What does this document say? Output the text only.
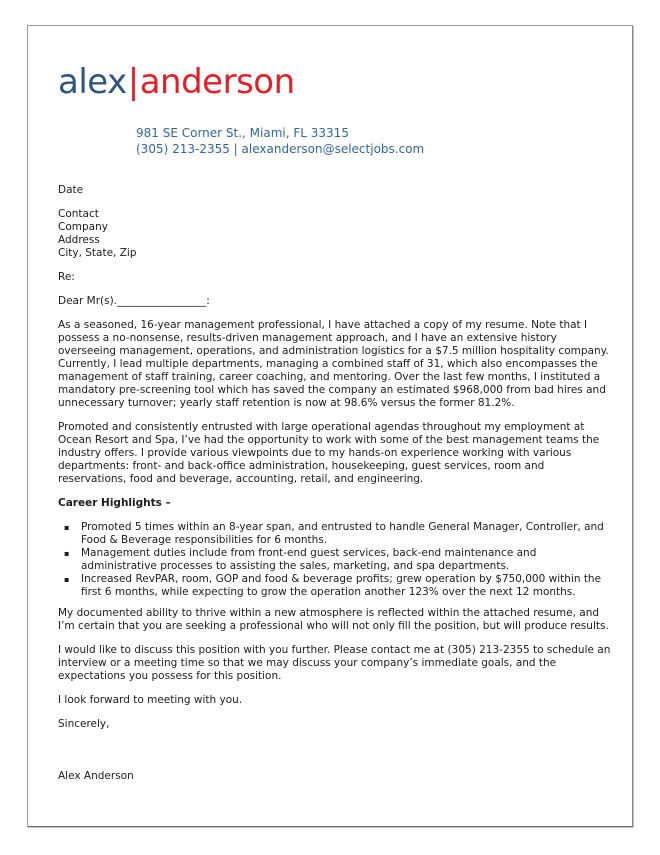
alex|anderson
981 SE Corner St., Miami, FL 33315
(305) 213-2355 | alexanderson@selectjobs.com
Date
Contact
Company
Address
City, State, Zip
Re:
Dear Mr(s)._________________:

As a seasoned, 16-year management professional, I have attached a copy of my resume. Note that I possess a no-nonsense, results-driven management approach, and I have an extensive history overseeing management, operations, and administration logistics for a $7.5 million hospitality company. Currently, I lead multiple departments, managing a combined staff of 31, which also encompasses the management of staff training, career coaching, and mentoring. Over the last few months, I instituted a mandatory pre-screening tool which has saved the company an estimated $968,000 from bad hires and unnecessary turnover; yearly staff retention is now at 98.6% versus the former 81.2%.

Promoted and consistently entrusted with large operational agendas throughout my employment at Ocean Resort and Spa, I’ve had the opportunity to work with some of the best management teams the industry offers. I provide various viewpoints due to my hands-on experience working with various departments: front- and back-office administration, housekeeping, guest services, room and reservations, food and beverage, accounting, retail, and engineering.

Career Highlights –
▪ Promoted 5 times within an 8-year span, and entrusted to handle General Manager, Controller, and Food & Beverage responsibilities for 6 months.
▪ Management duties include from front-end guest services, back-end maintenance and administrative processes to assisting the sales, marketing, and spa departments.
▪ Increased RevPAR, room, GOP and food & beverage profits; grew operation by $750,000 within the first 6 months, while expecting to grow the operation another 123% over the next 12 months.

My documented ability to thrive within a new atmosphere is reflected within the attached resume, and I’m certain that you are seeking a professional who will not only fill the position, but will produce results.

I would like to discuss this position with you further. Please contact me at (305) 213-2355 to schedule an interview or a meeting time so that we may discuss your company’s immediate goals, and the expectations you possess for this position.

I look forward to meeting with you.

Sincerely,
Alex Anderson
